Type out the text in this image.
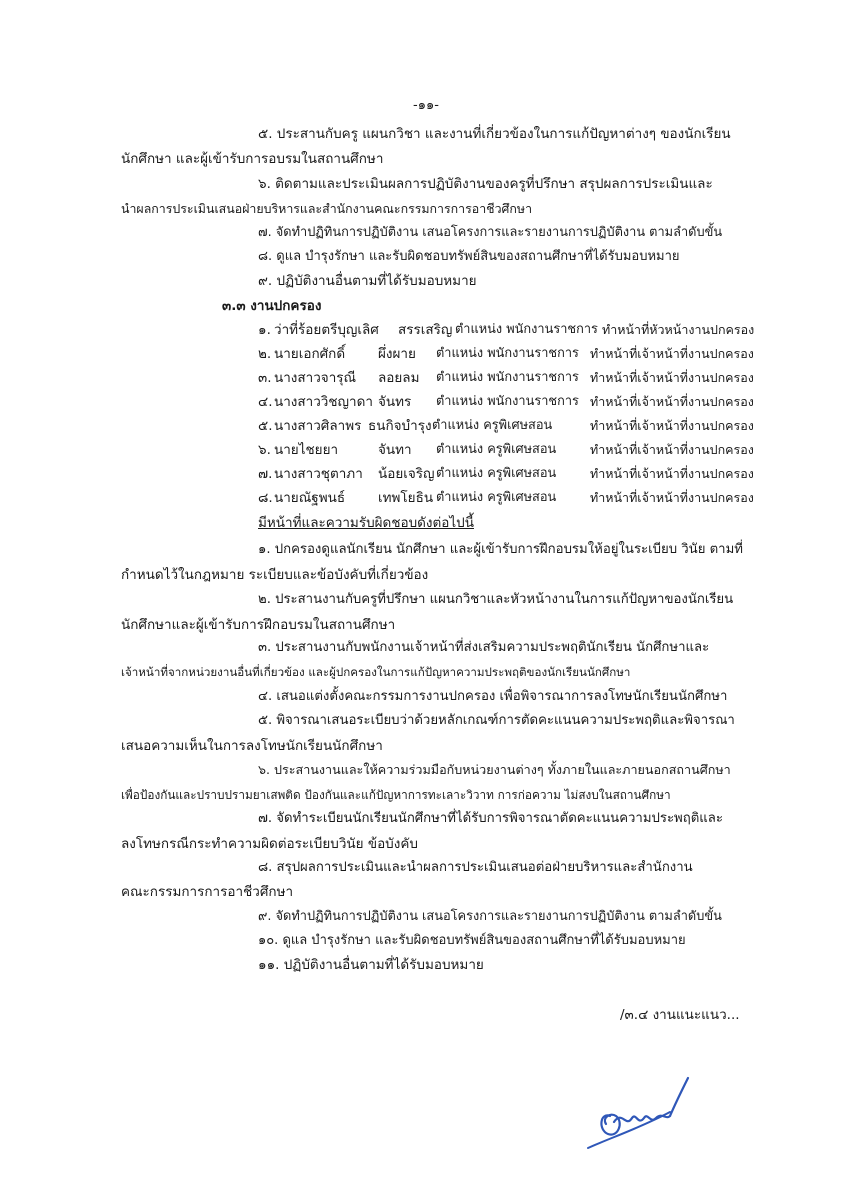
-๑๑-
๕. ประสานกับครู แผนกวิชา และงานที่เกี่ยวข้องในการแก้ปัญหาต่างๆ ของนักเรียน
นักศึกษา และผู้เข้ารับการอบรมในสถานศึกษา
๖. ติดตามและประเมินผลการปฏิบัติงานของครูที่ปรึกษา สรุปผลการประเมินและ
นำผลการประเมินเสนอฝ่ายบริหารและสำนักงานคณะกรรมการการอาชีวศึกษา
๗. จัดทำปฏิทินการปฏิบัติงาน เสนอโครงการและรายงานการปฏิบัติงาน ตามลำดับขั้น
๘. ดูแล บำรุงรักษา และรับผิดชอบทรัพย์สินของสถานศึกษาที่ได้รับมอบหมาย
๙. ปฏิบัติงานอื่นตามที่ได้รับมอบหมาย
๓.๓ งานปกครอง
๑. ว่าที่ร้อยตรีบุญเลิศ สรรเสริญ ตำแหน่ง พนักงานราชการ ทำหน้าที่หัวหน้างานปกครอง
๒. นายเอกศักดิ์ ผึ่งผาย ตำแหน่ง พนักงานราชการ ทำหน้าที่เจ้าหน้าที่งานปกครอง
๓. นางสาวจารุณี ลอยลม ตำแหน่ง พนักงานราชการ ทำหน้าที่เจ้าหน้าที่งานปกครอง
๔. นางสาววิชญาดา จันทร ตำแหน่ง พนักงานราชการ ทำหน้าที่เจ้าหน้าที่งานปกครอง
๕. นางสาวศิลาพร ธนกิจบำรุง ตำแหน่ง ครูพิเศษสอน	ทำหน้าที่เจ้าหน้าที่งานปกครอง
๖. นายไชยยา	จันทา ตำแหน่ง ครูพิเศษสอน	ทำหน้าที่เจ้าหน้าที่งานปกครอง
๗. นางสาวชุตาภา น้อยเจริญ ตำแหน่ง ครูพิเศษสอน	ทำหน้าที่เจ้าหน้าที่งานปกครอง
๘. นายณัฐพนธ์ เทพโยธิน ตำแหน่ง ครูพิเศษสอน	ทำหน้าที่เจ้าหน้าที่งานปกครอง
มีหน้าที่และความรับผิดชอบดังต่อไปนี้
๑. ปกครองดูแลนักเรียน นักศึกษา และผู้เข้ารับการฝึกอบรมให้อยู่ในระเบียบ วินัย ตามที่
กำหนดไว้ในกฎหมาย ระเบียบและข้อบังคับที่เกี่ยวข้อง
๒. ประสานงานกับครูที่ปรึกษา แผนกวิชาและหัวหน้างานในการแก้ปัญหาของนักเรียน
นักศึกษาและผู้เข้ารับการฝึกอบรมในสถานศึกษา
๓. ประสานงานกับพนักงานเจ้าหน้าที่ส่งเสริมความประพฤตินักเรียน นักศึกษาและ
เจ้าหน้าที่จากหน่วยงานอื่นที่เกี่ยวข้อง และผู้ปกครองในการแก้ปัญหาความประพฤติของนักเรียนนักศึกษา
๔. เสนอแต่งตั้งคณะกรรมการงานปกครอง เพื่อพิจารณาการลงโทษนักเรียนนักศึกษา
๕. พิจารณาเสนอระเบียบว่าด้วยหลักเกณฑ์การตัดคะแนนความประพฤติและพิจารณา
เสนอความเห็นในการลงโทษนักเรียนนักศึกษา
๖. ประสานงานและให้ความร่วมมือกับหน่วยงานต่างๆ ทั้งภายในและภายนอกสถานศึกษา
เพื่อป้องกันและปราบปรามยาเสพติด ป้องกันและแก้ปัญหาการทะเลาะวิวาท การก่อความ ไม่สงบในสถานศึกษา
๗. จัดทำระเบียนนักเรียนนักศึกษาที่ได้รับการพิจารณาตัดคะแนนความประพฤติและ
ลงโทษกรณีกระทำความผิดต่อระเบียบวินัย ข้อบังคับ
๘. สรุปผลการประเมินและนำผลการประเมินเสนอต่อฝ่ายบริหารและสำนักงาน
คณะกรรมการการอาชีวศึกษา
๙. จัดทำปฏิทินการปฏิบัติงาน เสนอโครงการและรายงานการปฏิบัติงาน ตามลำดับขั้น
๑๐. ดูแล บำรุงรักษา และรับผิดชอบทรัพย์สินของสถานศึกษาที่ได้รับมอบหมาย
๑๑. ปฏิบัติงานอื่นตามที่ได้รับมอบหมาย
/๓.๔ งานแนะแนว...
